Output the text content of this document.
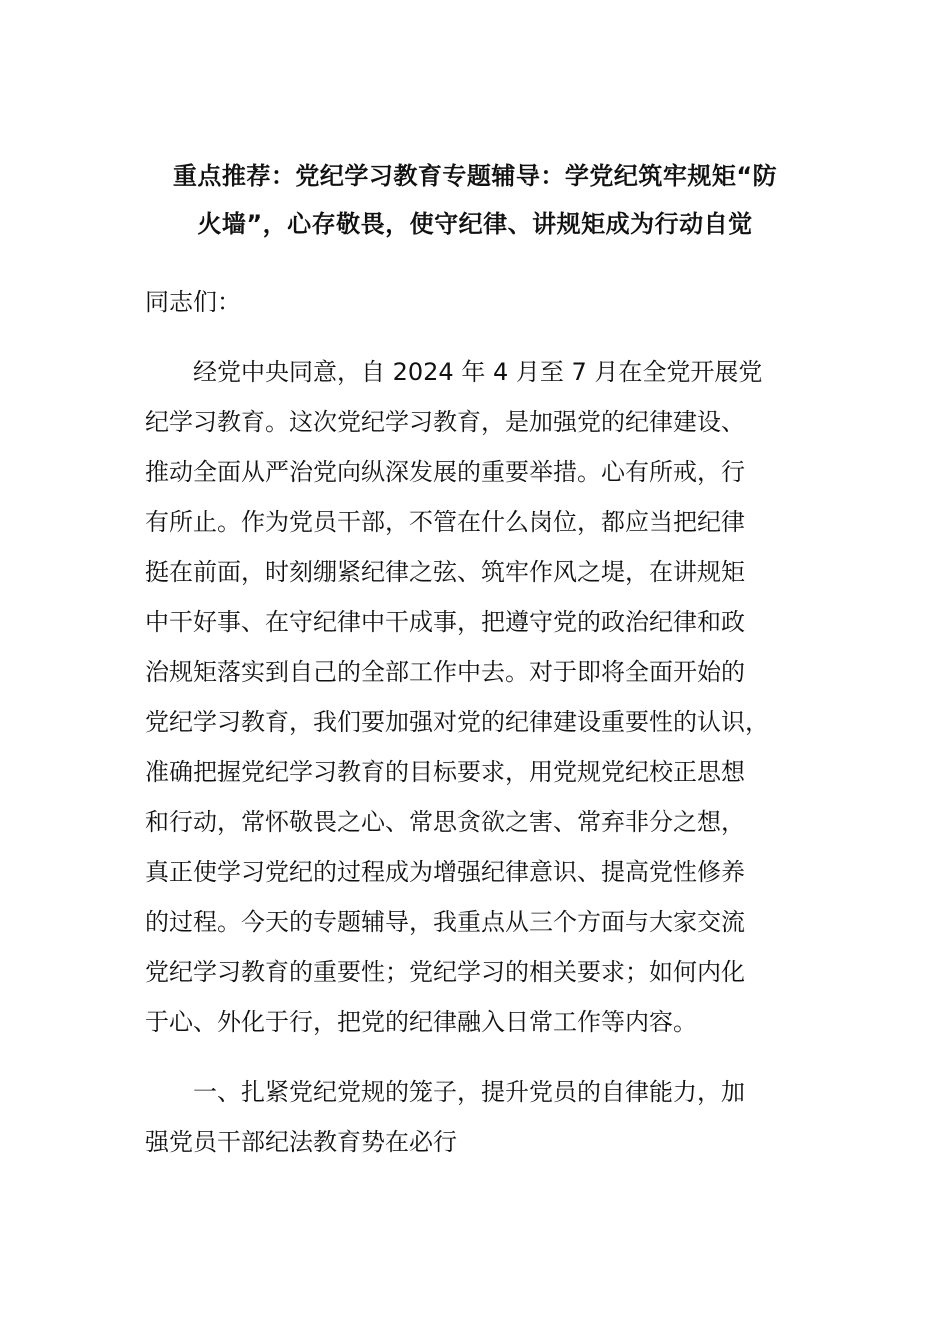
重点推荐：党纪学习教育专题辅导：学党纪筑牢规矩“防
火墙”，心存敬畏，使守纪律、讲规矩成为行动自觉

同志们：

　　经党中央同意，自 2024 年 4 月至 7 月在全党开展党
纪学习教育。这次党纪学习教育，是加强党的纪律建设、
推动全面从严治党向纵深发展的重要举措。心有所戒，行
有所止。作为党员干部，不管在什么岗位，都应当把纪律
挺在前面，时刻绷紧纪律之弦、筑牢作风之堤，在讲规矩
中干好事、在守纪律中干成事，把遵守党的政治纪律和政
治规矩落实到自己的全部工作中去。对于即将全面开始的
党纪学习教育，我们要加强对党的纪律建设重要性的认识，
准确把握党纪学习教育的目标要求，用党规党纪校正思想
和行动，常怀敬畏之心、常思贪欲之害、常弃非分之想，
真正使学习党纪的过程成为增强纪律意识、提高党性修养
的过程。今天的专题辅导，我重点从三个方面与大家交流
党纪学习教育的重要性；党纪学习的相关要求；如何内化
于心、外化于行，把党的纪律融入日常工作等内容。

　　一、扎紧党纪党规的笼子，提升党员的自律能力，加
强党员干部纪法教育势在必行
